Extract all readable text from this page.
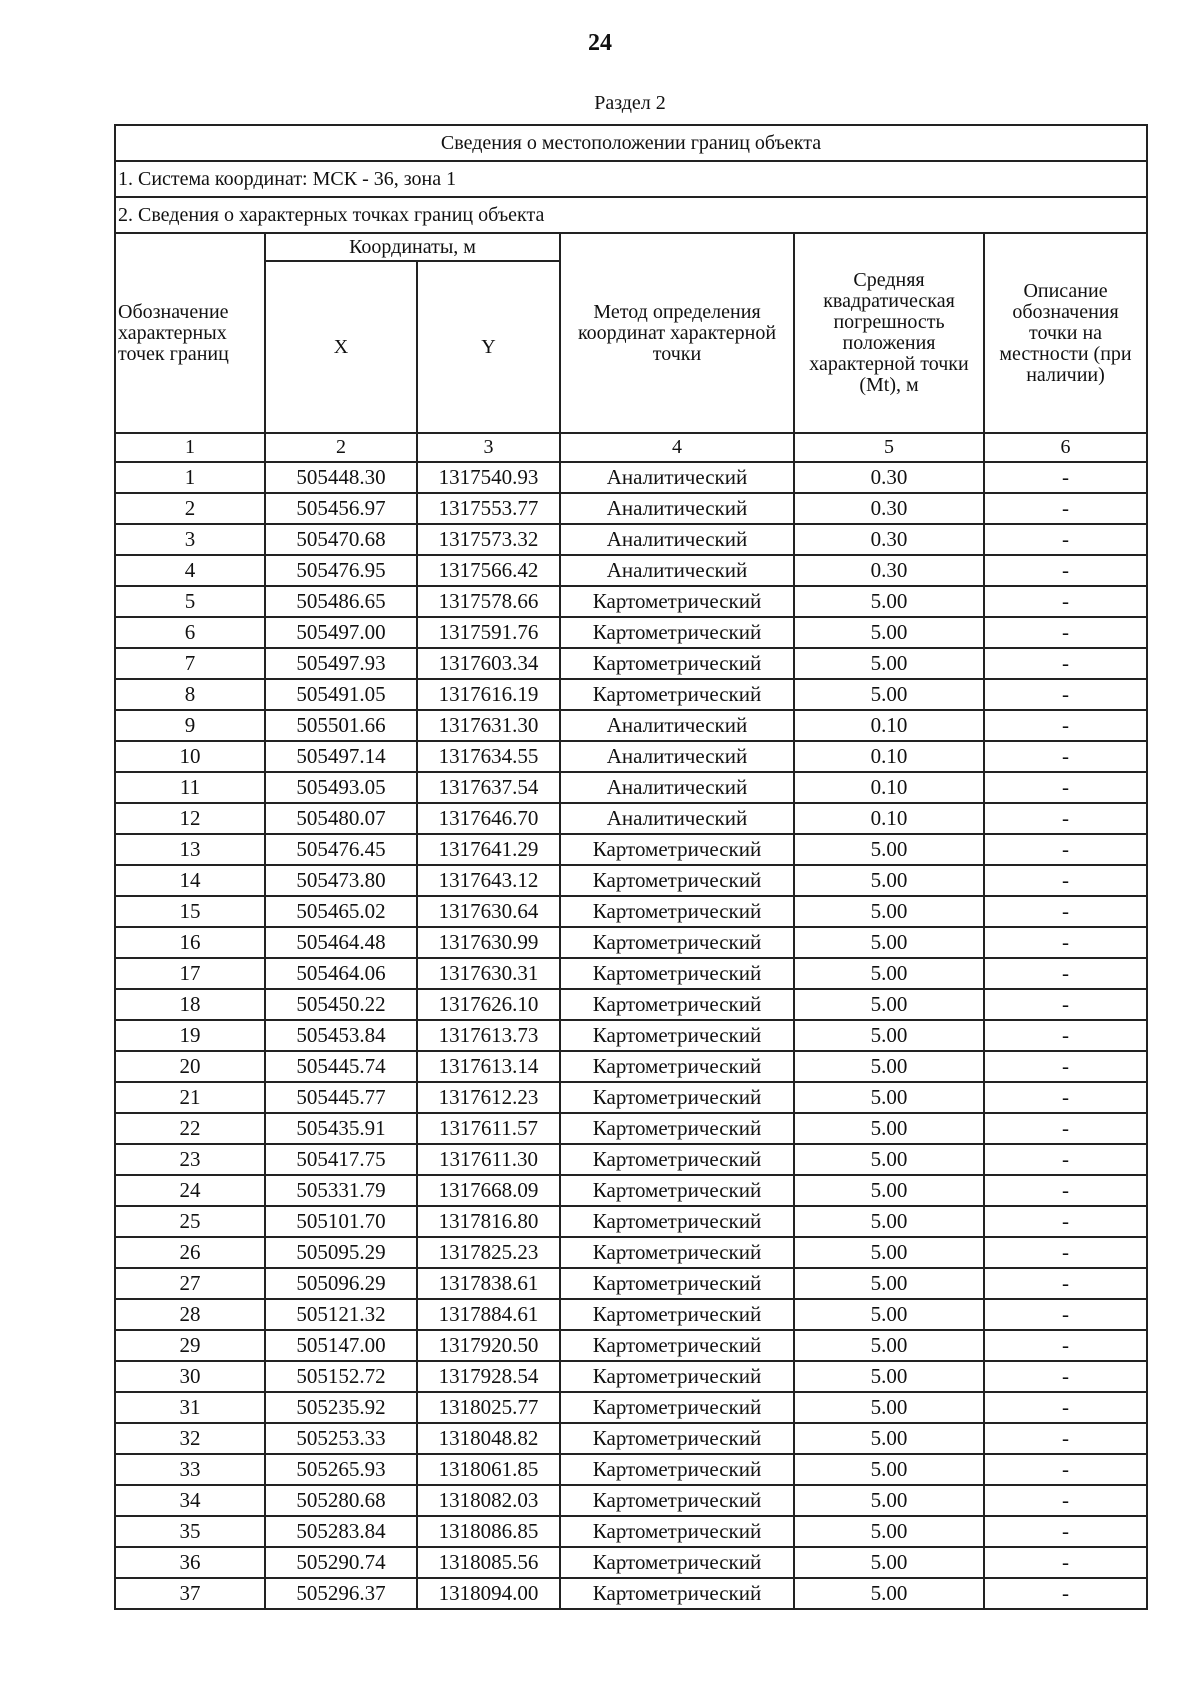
24
Раздел 2
Сведения о местоположении границ объекта					
1. Система координат: МСК - 36, зона 1					
2. Сведения о характерных точках границ объекта					
Обозначение характерных точек границ	Координаты, м		Метод определения координат характерной точки	Средняя квадратическая погрешность положения характерной точки (Mt), м	Описание обозначения точки на местности (при наличии)
	X	Y			
1	2	3	4	5	6
1	505448.30	1317540.93	Аналитический	0.30	-
2	505456.97	1317553.77	Аналитический	0.30	-
3	505470.68	1317573.32	Аналитический	0.30	-
4	505476.95	1317566.42	Аналитический	0.30	-
5	505486.65	1317578.66	Картометрический	5.00	-
6	505497.00	1317591.76	Картометрический	5.00	-
7	505497.93	1317603.34	Картометрический	5.00	-
8	505491.05	1317616.19	Картометрический	5.00	-
9	505501.66	1317631.30	Аналитический	0.10	-
10	505497.14	1317634.55	Аналитический	0.10	-
11	505493.05	1317637.54	Аналитический	0.10	-
12	505480.07	1317646.70	Аналитический	0.10	-
13	505476.45	1317641.29	Картометрический	5.00	-
14	505473.80	1317643.12	Картометрический	5.00	-
15	505465.02	1317630.64	Картометрический	5.00	-
16	505464.48	1317630.99	Картометрический	5.00	-
17	505464.06	1317630.31	Картометрический	5.00	-
18	505450.22	1317626.10	Картометрический	5.00	-
19	505453.84	1317613.73	Картометрический	5.00	-
20	505445.74	1317613.14	Картометрический	5.00	-
21	505445.77	1317612.23	Картометрический	5.00	-
22	505435.91	1317611.57	Картометрический	5.00	-
23	505417.75	1317611.30	Картометрический	5.00	-
24	505331.79	1317668.09	Картометрический	5.00	-
25	505101.70	1317816.80	Картометрический	5.00	-
26	505095.29	1317825.23	Картометрический	5.00	-
27	505096.29	1317838.61	Картометрический	5.00	-
28	505121.32	1317884.61	Картометрический	5.00	-
29	505147.00	1317920.50	Картометрический	5.00	-
30	505152.72	1317928.54	Картометрический	5.00	-
31	505235.92	1318025.77	Картометрический	5.00	-
32	505253.33	1318048.82	Картометрический	5.00	-
33	505265.93	1318061.85	Картометрический	5.00	-
34	505280.68	1318082.03	Картометрический	5.00	-
35	505283.84	1318086.85	Картометрический	5.00	-
36	505290.74	1318085.56	Картометрический	5.00	-
37	505296.37	1318094.00	Картометрический	5.00	-
